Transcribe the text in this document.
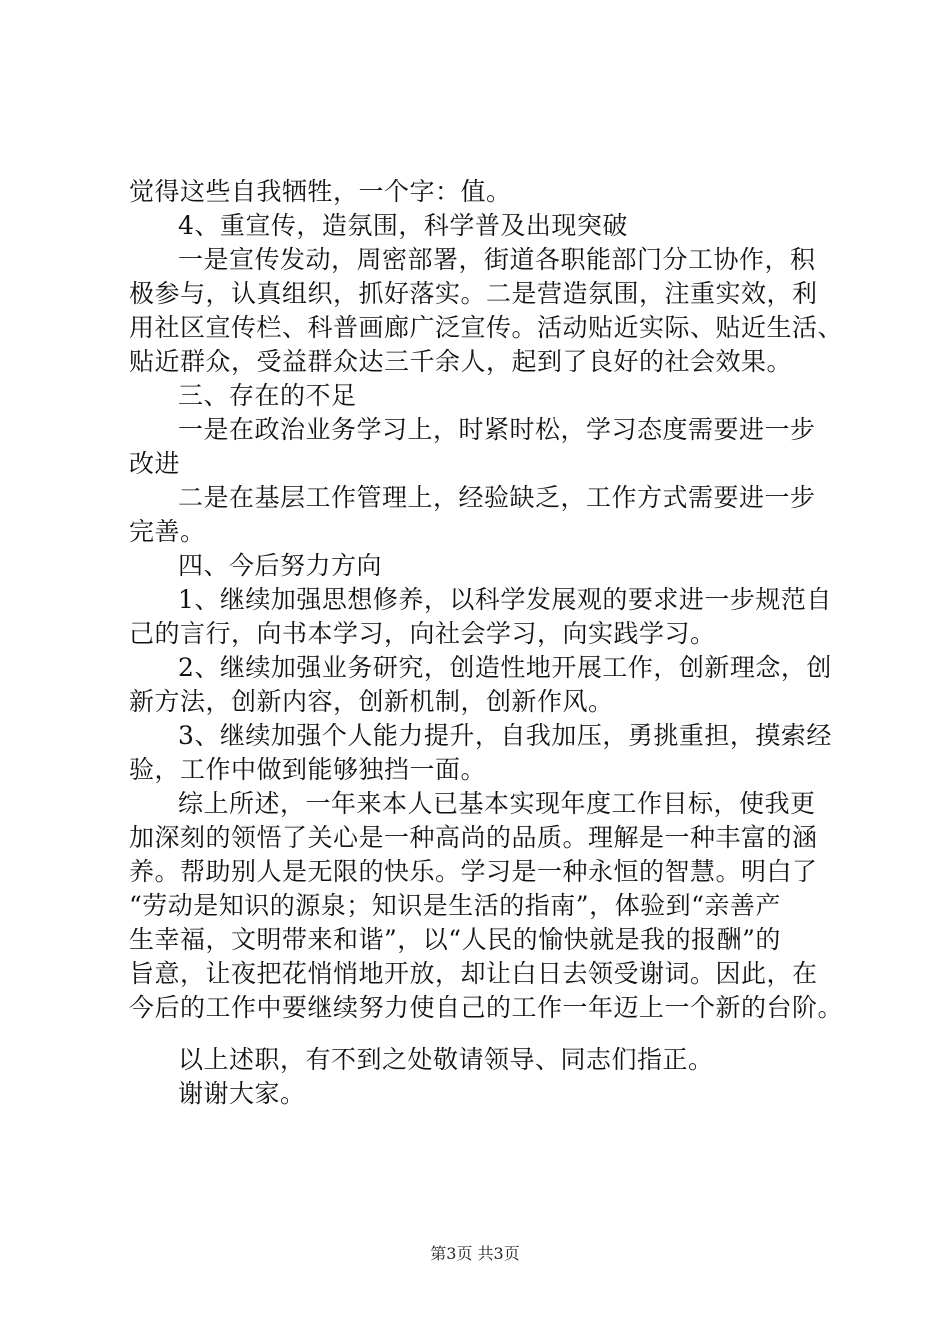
觉得这些自我牺牲，一个字：值。
4、重宣传，造氛围，科学普及出现突破
一是宣传发动，周密部署，街道各职能部门分工协作，积
极参与，认真组织，抓好落实。二是营造氛围，注重实效，利
用社区宣传栏、科普画廊广泛宣传。活动贴近实际、贴近生活、
贴近群众，受益群众达三千余人，起到了良好的社会效果。
三、存在的不足
一是在政治业务学习上，时紧时松，学习态度需要进一步
改进
二是在基层工作管理上，经验缺乏，工作方式需要进一步
完善。
四、今后努力方向
1、继续加强思想修养，以科学发展观的要求进一步规范自
己的言行，向书本学习，向社会学习，向实践学习。
2、继续加强业务研究，创造性地开展工作，创新理念，创
新方法，创新内容，创新机制，创新作风。
3、继续加强个人能力提升，自我加压，勇挑重担，摸索经
验，工作中做到能够独挡一面。
综上所述，一年来本人已基本实现年度工作目标，使我更
加深刻的领悟了关心是一种高尚的品质。理解是一种丰富的涵
养。帮助别人是无限的快乐。学习是一种永恒的智慧。明白了
“劳动是知识的源泉；知识是生活的指南”，体验到“亲善产
生幸福，文明带来和谐”，以“人民的愉快就是我的报酬”的
旨意，让夜把花悄悄地开放，却让白日去领受谢词。因此，在
今后的工作中要继续努力使自己的工作一年迈上一个新的台阶。
以上述职，有不到之处敬请领导、同志们指正。
谢谢大家。
第3页 共3页
